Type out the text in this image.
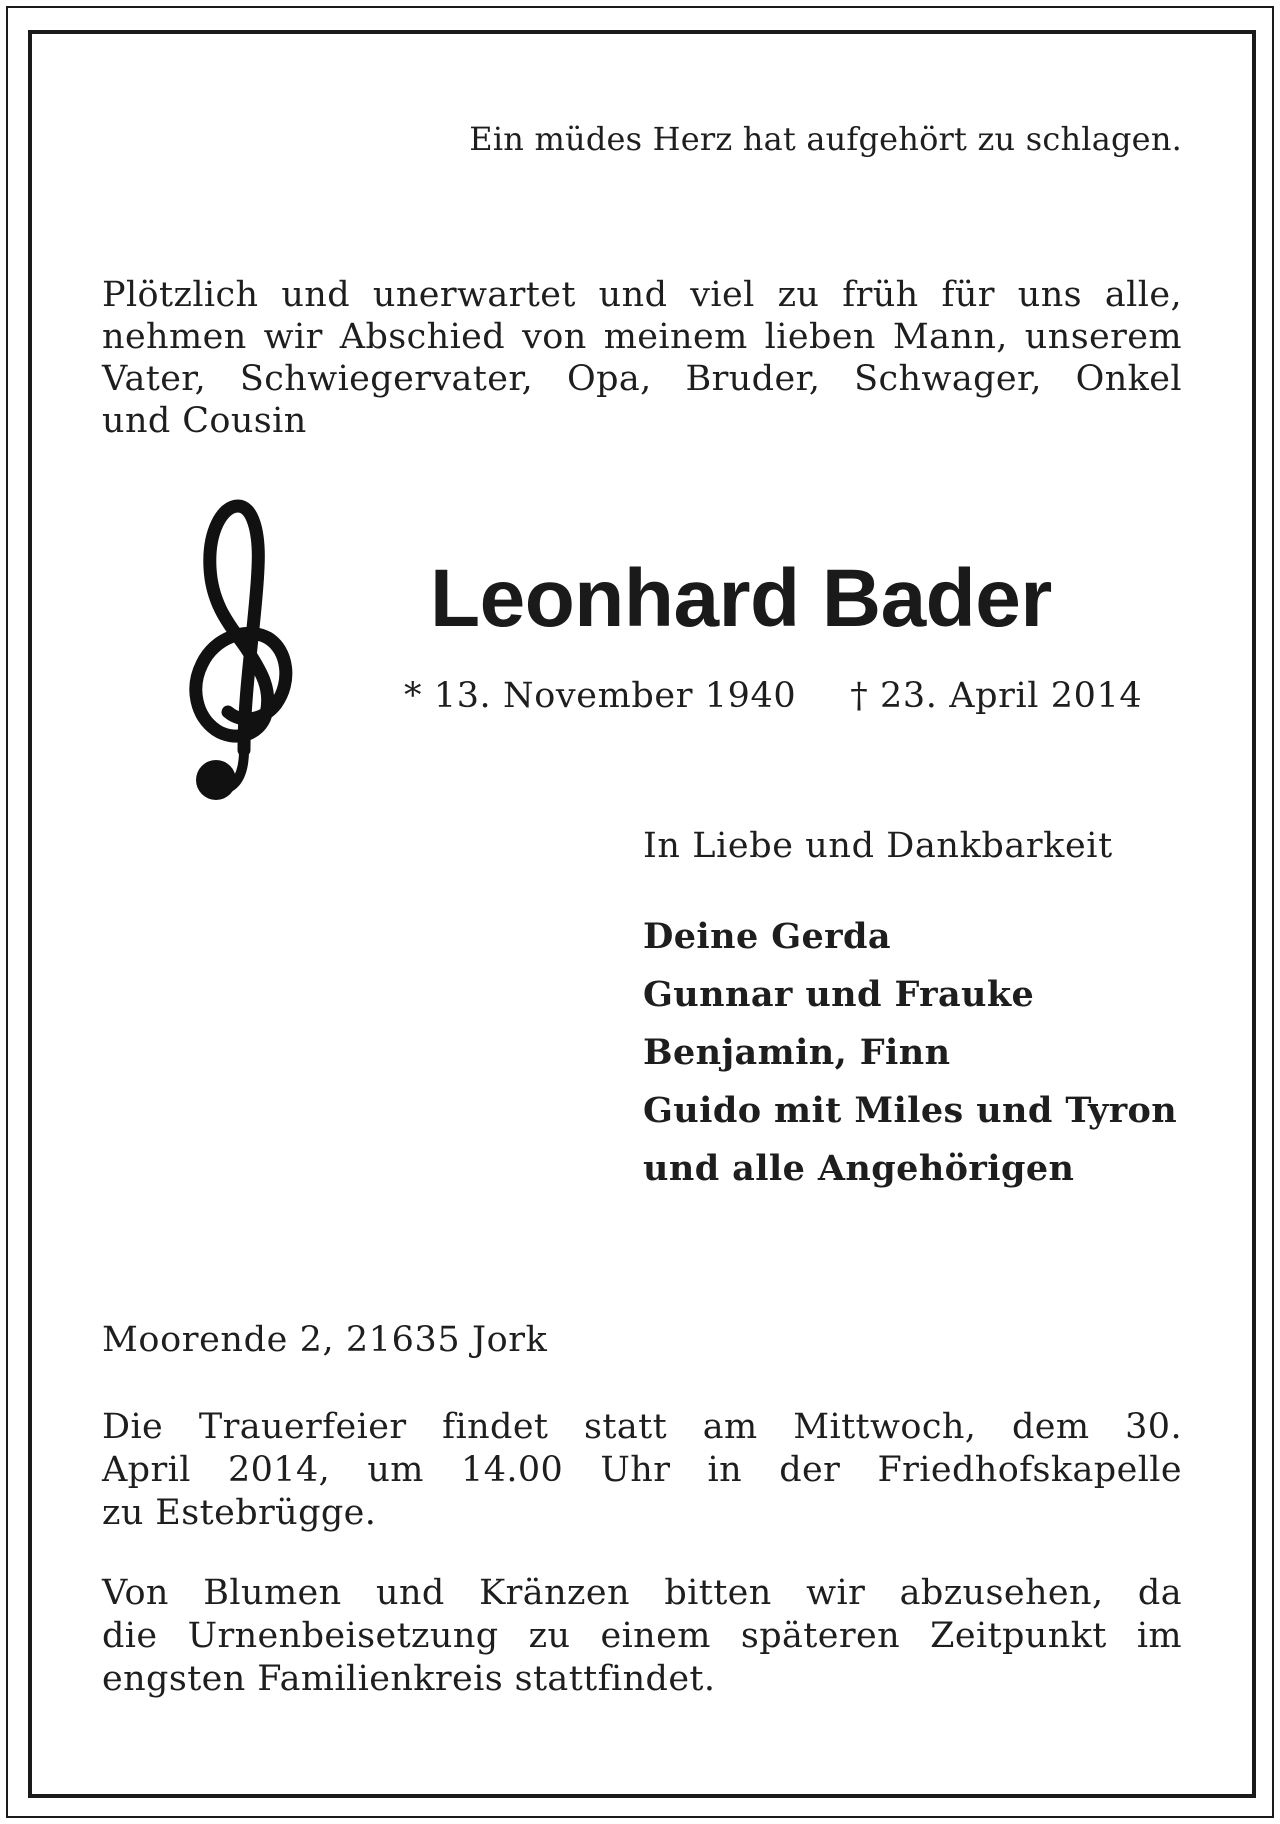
Ein müdes Herz hat aufgehört zu schlagen.
Plötzlich und unerwartet und viel zu früh für uns alle,
nehmen wir Abschied von meinem lieben Mann, unserem
Vater, Schwiegervater, Opa, Bruder, Schwager, Onkel
und Cousin
Leonhard Bader
* 13. November 1940 † 23. April 2014
In Liebe und Dankbarkeit
Deine Gerda
Gunnar und Frauke
Benjamin, Finn
Guido mit Miles und Tyron
und alle Angehörigen
Moorende 2, 21635 Jork
Die Trauerfeier findet statt am Mittwoch, dem 30.
April 2014, um 14.00 Uhr in der Friedhofskapelle
zu Estebrügge.
Von Blumen und Kränzen bitten wir abzusehen, da
die Urnenbeisetzung zu einem späteren Zeitpunkt im
engsten Familienkreis stattfindet.
